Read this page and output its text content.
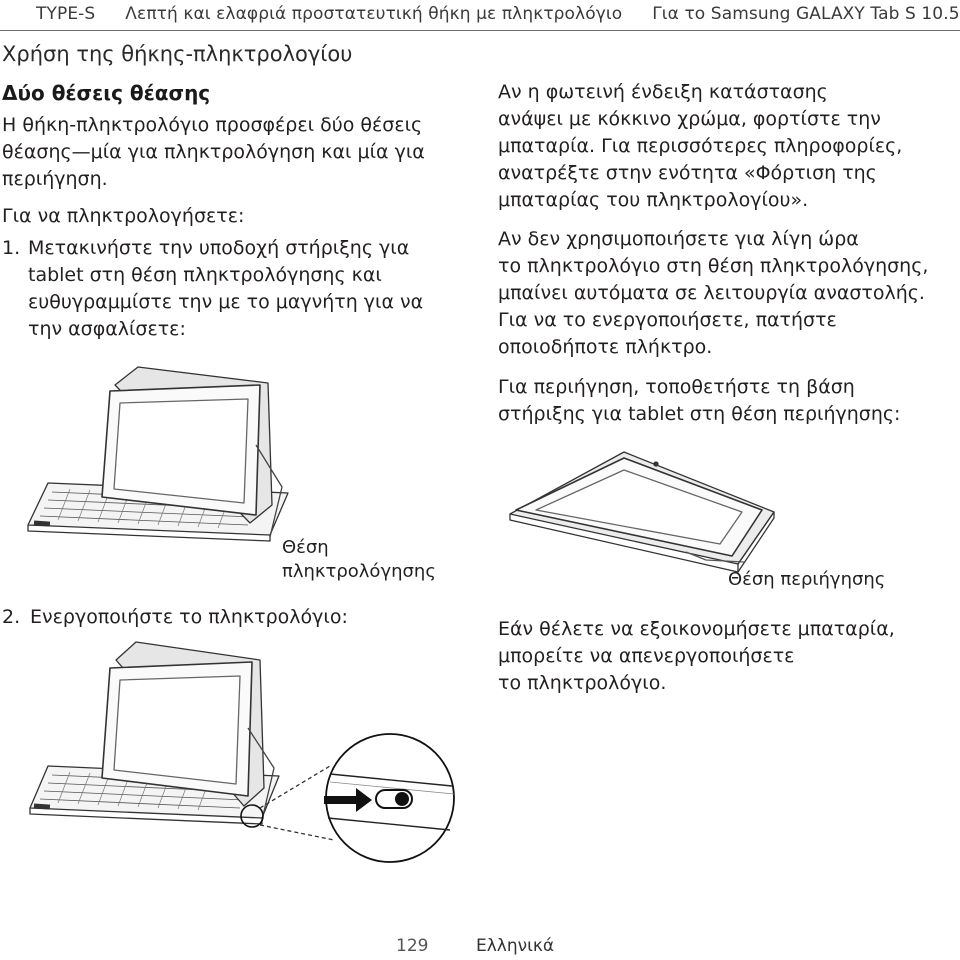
TYPE-S Λεπτή και ελαφριά προστατευτική θήκη με πληκτρολόγιο Για το Samsung GALAXY Tab S 10.5
Χρήση της θήκης-πληκτρολογίου
Δύο θέσεις θέασης
Η θήκη-πληκτρολόγιο προσφέρει δύο θέσεις
θέασης—μία για πληκτρολόγηση και μία για
περιήγηση.
Για να πληκτρολογήσετε:
1. Μετακινήστε την υποδοχή στήριξης για
tablet στη θέση πληκτρολόγησης και
ευθυγραμμίστε την με το μαγνήτη για να
την ασφαλίσετε:
Θέση
πληκτρολόγησης
2. Ενεργοποιήστε το πληκτρολόγιο:
Αν η φωτεινή ένδειξη κατάστασης
ανάψει με κόκκινο χρώμα, φορτίστε την
μπαταρία. Για περισσότερες πληροφορίες,
ανατρέξτε στην ενότητα «Φόρτιση της
μπαταρίας του πληκτρολογίου».
Αν δεν χρησιμοποιήσετε για λίγη ώρα
το πληκτρολόγιο στη θέση πληκτρολόγησης,
μπαίνει αυτόματα σε λειτουργία αναστολής.
Για να το ενεργοποιήσετε, πατήστε
οποιοδήποτε πλήκτρο.
Για περιήγηση, τοποθετήστε τη βάση
στήριξης για tablet στη θέση περιήγησης:
Θέση περιήγησης
Εάν θέλετε να εξοικονομήσετε μπαταρία,
μπορείτε να απενεργοποιήσετε
το πληκτρολόγιο.
129	Ελληνικά
